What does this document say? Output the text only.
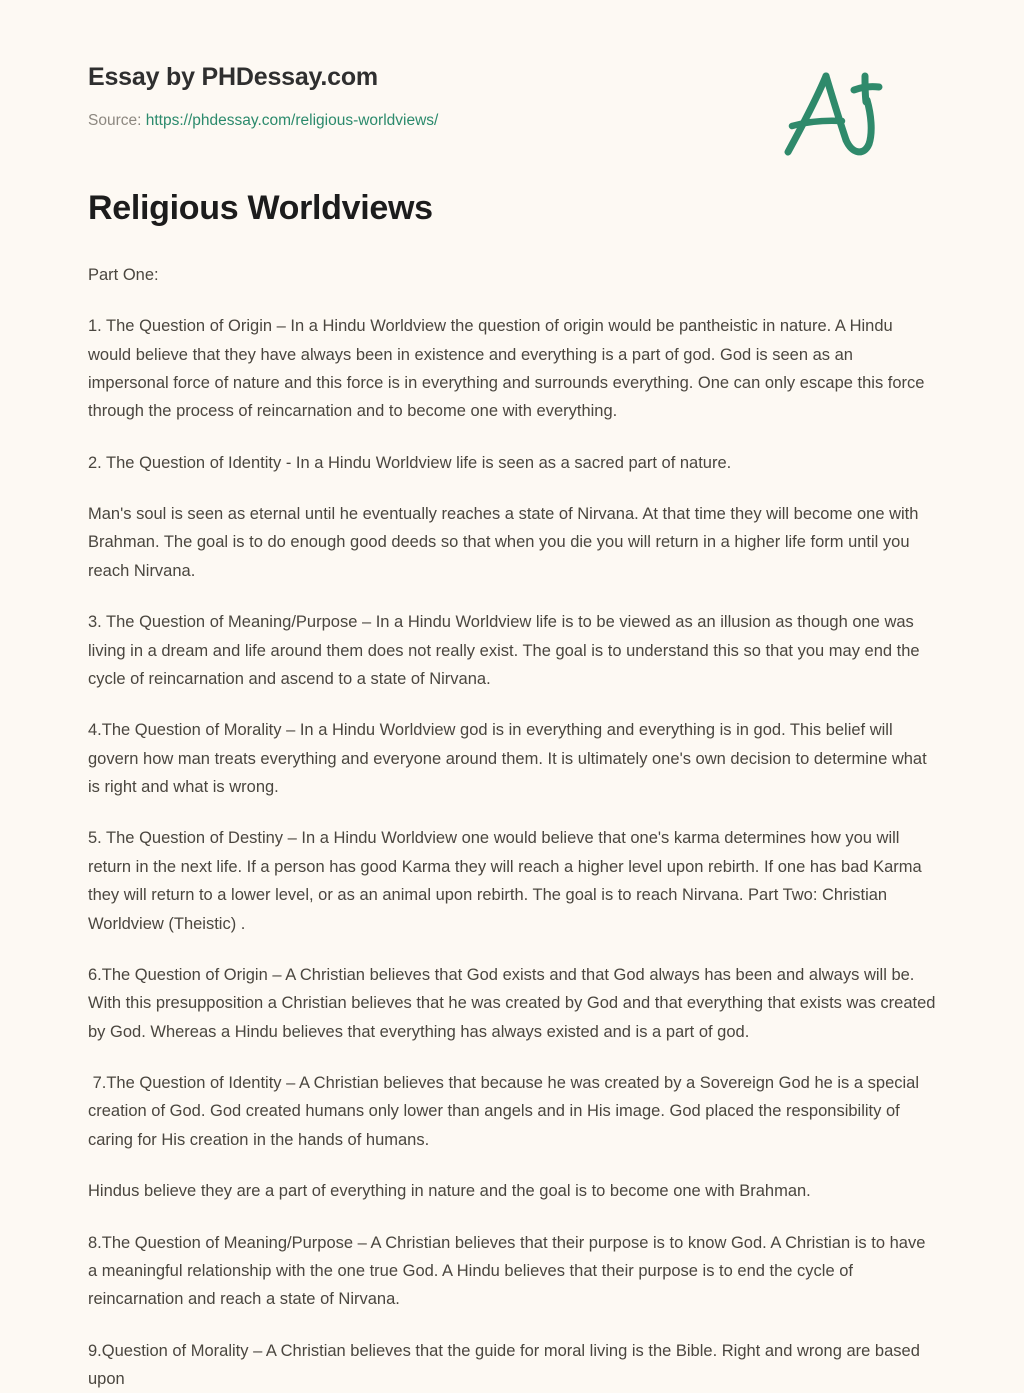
Essay by PHDessay.com
Source: https://phdessay.com/religious-worldviews/
Religious Worldviews

Part One:

1. The Question of Origin – In a Hindu Worldview the question of origin would be pantheistic in nature. A Hindu would believe that they have always been in existence and everything is a part of god. God is seen as an impersonal force of nature and this force is in everything and surrounds everything. One can only escape this force through the process of reincarnation and to become one with everything.

2. The Question of Identity - In a Hindu Worldview life is seen as a sacred part of nature.

Man's soul is seen as eternal until he eventually reaches a state of Nirvana. At that time they will become one with Brahman. The goal is to do enough good deeds so that when you die you will return in a higher life form until you reach Nirvana.

3. The Question of Meaning/Purpose – In a Hindu Worldview life is to be viewed as an illusion as though one was living in a dream and life around them does not really exist. The goal is to understand this so that you may end the cycle of reincarnation and ascend to a state of Nirvana.

4.The Question of Morality – In a Hindu Worldview god is in everything and everything is in god. This belief will govern how man treats everything and everyone around them. It is ultimately one's own decision to determine what is right and what is wrong.

5. The Question of Destiny – In a Hindu Worldview one would believe that one's karma determines how you will return in the next life. If a person has good Karma they will reach a higher level upon rebirth. If one has bad Karma they will return to a lower level, or as an animal upon rebirth. The goal is to reach Nirvana. Part Two: Christian Worldview (Theistic) .

6.The Question of Origin – A Christian believes that God exists and that God always has been and always will be. With this presupposition a Christian believes that he was created by God and that everything that exists was created by God. Whereas a Hindu believes that everything has always existed and is a part of god.

7.The Question of Identity – A Christian believes that because he was created by a Sovereign God he is a special creation of God. God created humans only lower than angels and in His image. God placed the responsibility of caring for His creation in the hands of humans.

Hindus believe they are a part of everything in nature and the goal is to become one with Brahman.

8.The Question of Meaning/Purpose – A Christian believes that their purpose is to know God. A Christian is to have a meaningful relationship with the one true God. A Hindu believes that their purpose is to end the cycle of reincarnation and reach a state of Nirvana.

9.Question of Morality – A Christian believes that the guide for moral living is the Bible. Right and wrong are based upon
